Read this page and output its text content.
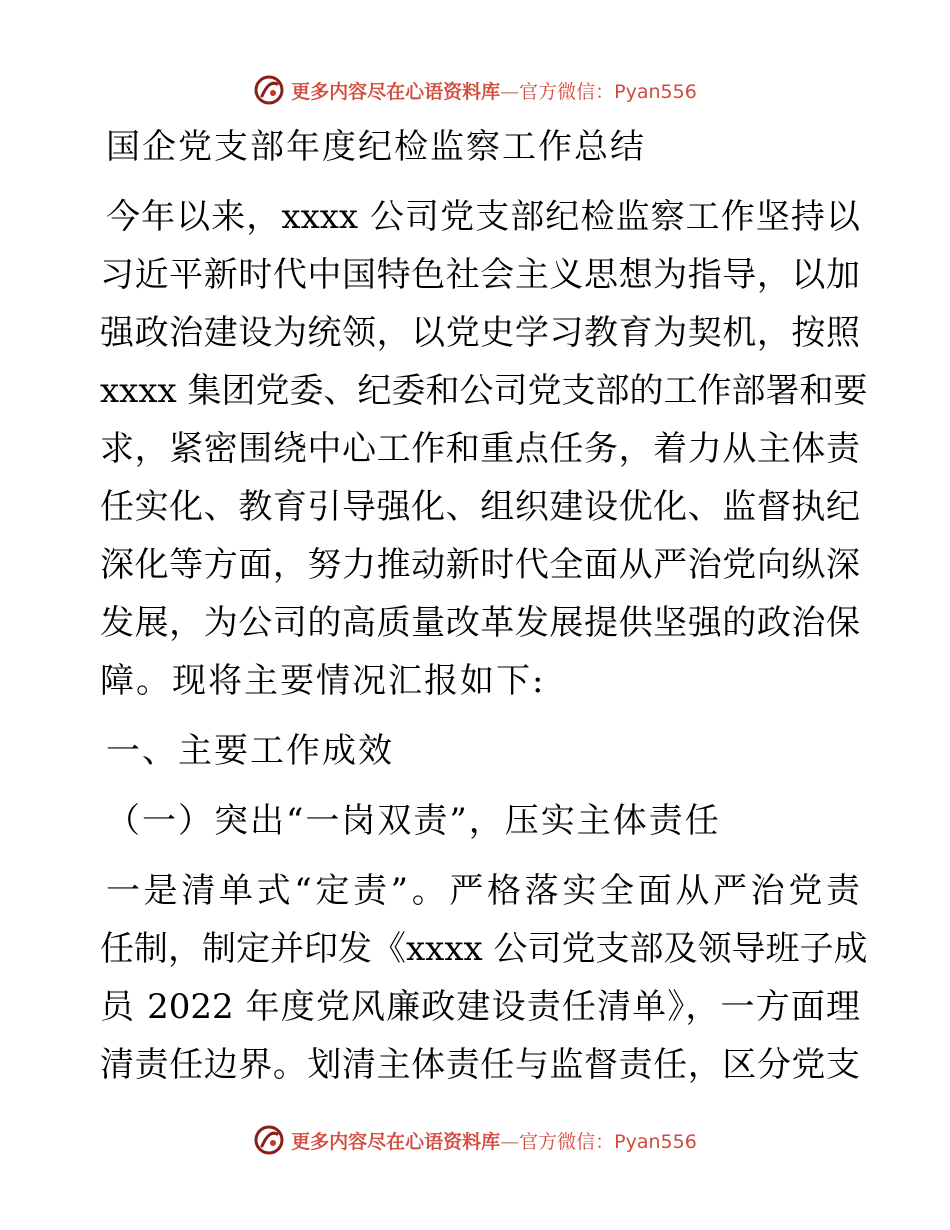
更多内容尽在心语资料库—官方微信：Pyan556
国企党支部年度纪检监察工作总结
今年以来，xxxx 公司党支部纪检监察工作坚持以
习近平新时代中国特色社会主义思想为指导，以加
强政治建设为统领，以党史学习教育为契机，按照
xxxx 集团党委、纪委和公司党支部的工作部署和要
求，紧密围绕中心工作和重点任务，着力从主体责
任实化、教育引导强化、组织建设优化、监督执纪
深化等方面，努力推动新时代全面从严治党向纵深
发展，为公司的高质量改革发展提供坚强的政治保
障。现将主要情况汇报如下:
一、主要工作成效
（一）突出“一岗双责”，压实主体责任
一是清单式“定责”。严格落实全面从严治党责
任制，制定并印发《xxxx 公司党支部及领导班子成
员 2022 年度党风廉政建设责任清单》，一方面理
清责任边界。划清主体责任与监督责任，区分党支
更多内容尽在心语资料库—官方微信：Pyan556
